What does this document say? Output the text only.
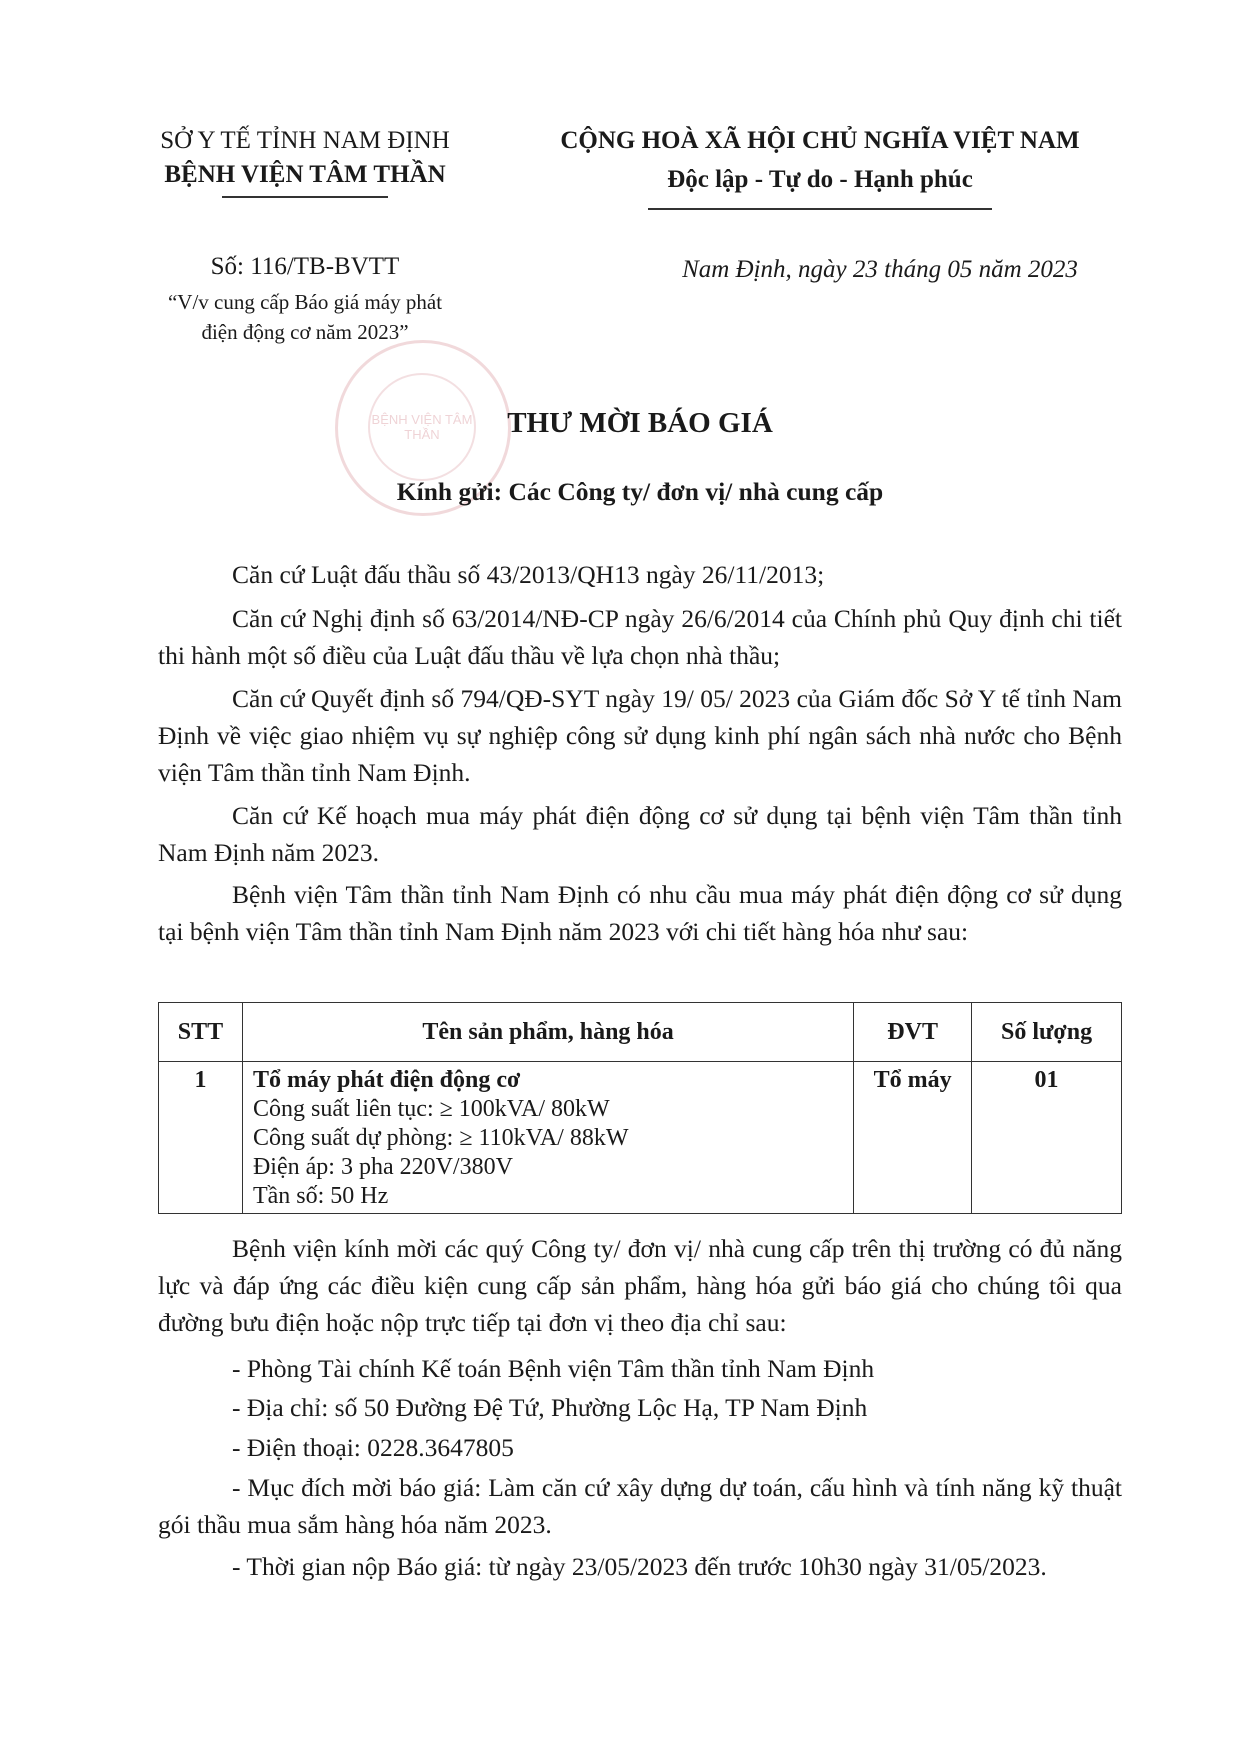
SỞ Y TẾ TỈNH NAM ĐỊNH
BỆNH VIỆN TÂM THẦN
CỘNG HOÀ XÃ HỘI CHỦ NGHĨA VIỆT NAM
Độc lập - Tự do - Hạnh phúc
Số: 116/TB-BVTT
“V/v cung cấp Báo giá máy phát
điện động cơ năm 2023”
Nam Định, ngày 23 tháng 05 năm 2023
BỆNH VIỆN TÂM THẦN	THƯ MỜI BÁO GIÁ
Kính gửi: Các Công ty/ đơn vị/ nhà cung cấp
Căn cứ Luật đấu thầu số 43/2013/QH13 ngày 26/11/2013;
Căn cứ Nghị định số 63/2014/NĐ-CP ngày 26/6/2014 của Chính phủ Quy định chi tiết thi hành một số điều của Luật đấu thầu về lựa chọn nhà thầu;
Căn cứ Quyết định số 794/QĐ-SYT ngày 19/ 05/ 2023 của Giám đốc Sở Y tế tỉnh Nam Định về việc giao nhiệm vụ sự nghiệp công sử dụng kinh phí ngân sách nhà nước cho Bệnh viện Tâm thần tỉnh Nam Định.
Căn cứ Kế hoạch mua máy phát điện động cơ sử dụng tại bệnh viện Tâm thần tỉnh Nam Định năm 2023.
Bệnh viện Tâm thần tỉnh Nam Định có nhu cầu mua máy phát điện động cơ sử dụng tại bệnh viện Tâm thần tỉnh Nam Định năm 2023 với chi tiết hàng hóa như sau:
STT	Tên sản phẩm, hàng hóa	ĐVT	Số lượng
1	Tổ máy phát điện động cơ
Công suất liên tục: ≥ 100kVA/ 80kW
Công suất dự phòng: ≥ 110kVA/ 88kW
Điện áp: 3 pha 220V/380V
Tần số: 50 Hz	Tổ máy	01
Bệnh viện kính mời các quý Công ty/ đơn vị/ nhà cung cấp trên thị trường có đủ năng lực và đáp ứng các điều kiện cung cấp sản phẩm, hàng hóa gửi báo giá cho chúng tôi qua đường bưu điện hoặc nộp trực tiếp tại đơn vị theo địa chỉ sau:
- Phòng Tài chính Kế toán Bệnh viện Tâm thần tỉnh Nam Định
- Địa chỉ: số 50 Đường Đệ Tứ, Phường Lộc Hạ, TP Nam Định
- Điện thoại: 0228.3647805
- Mục đích mời báo giá: Làm căn cứ xây dựng dự toán, cấu hình và tính năng kỹ thuật gói thầu mua sắm hàng hóa năm 2023.
- Thời gian nộp Báo giá: từ ngày 23/05/2023 đến trước 10h30 ngày 31/05/2023.
